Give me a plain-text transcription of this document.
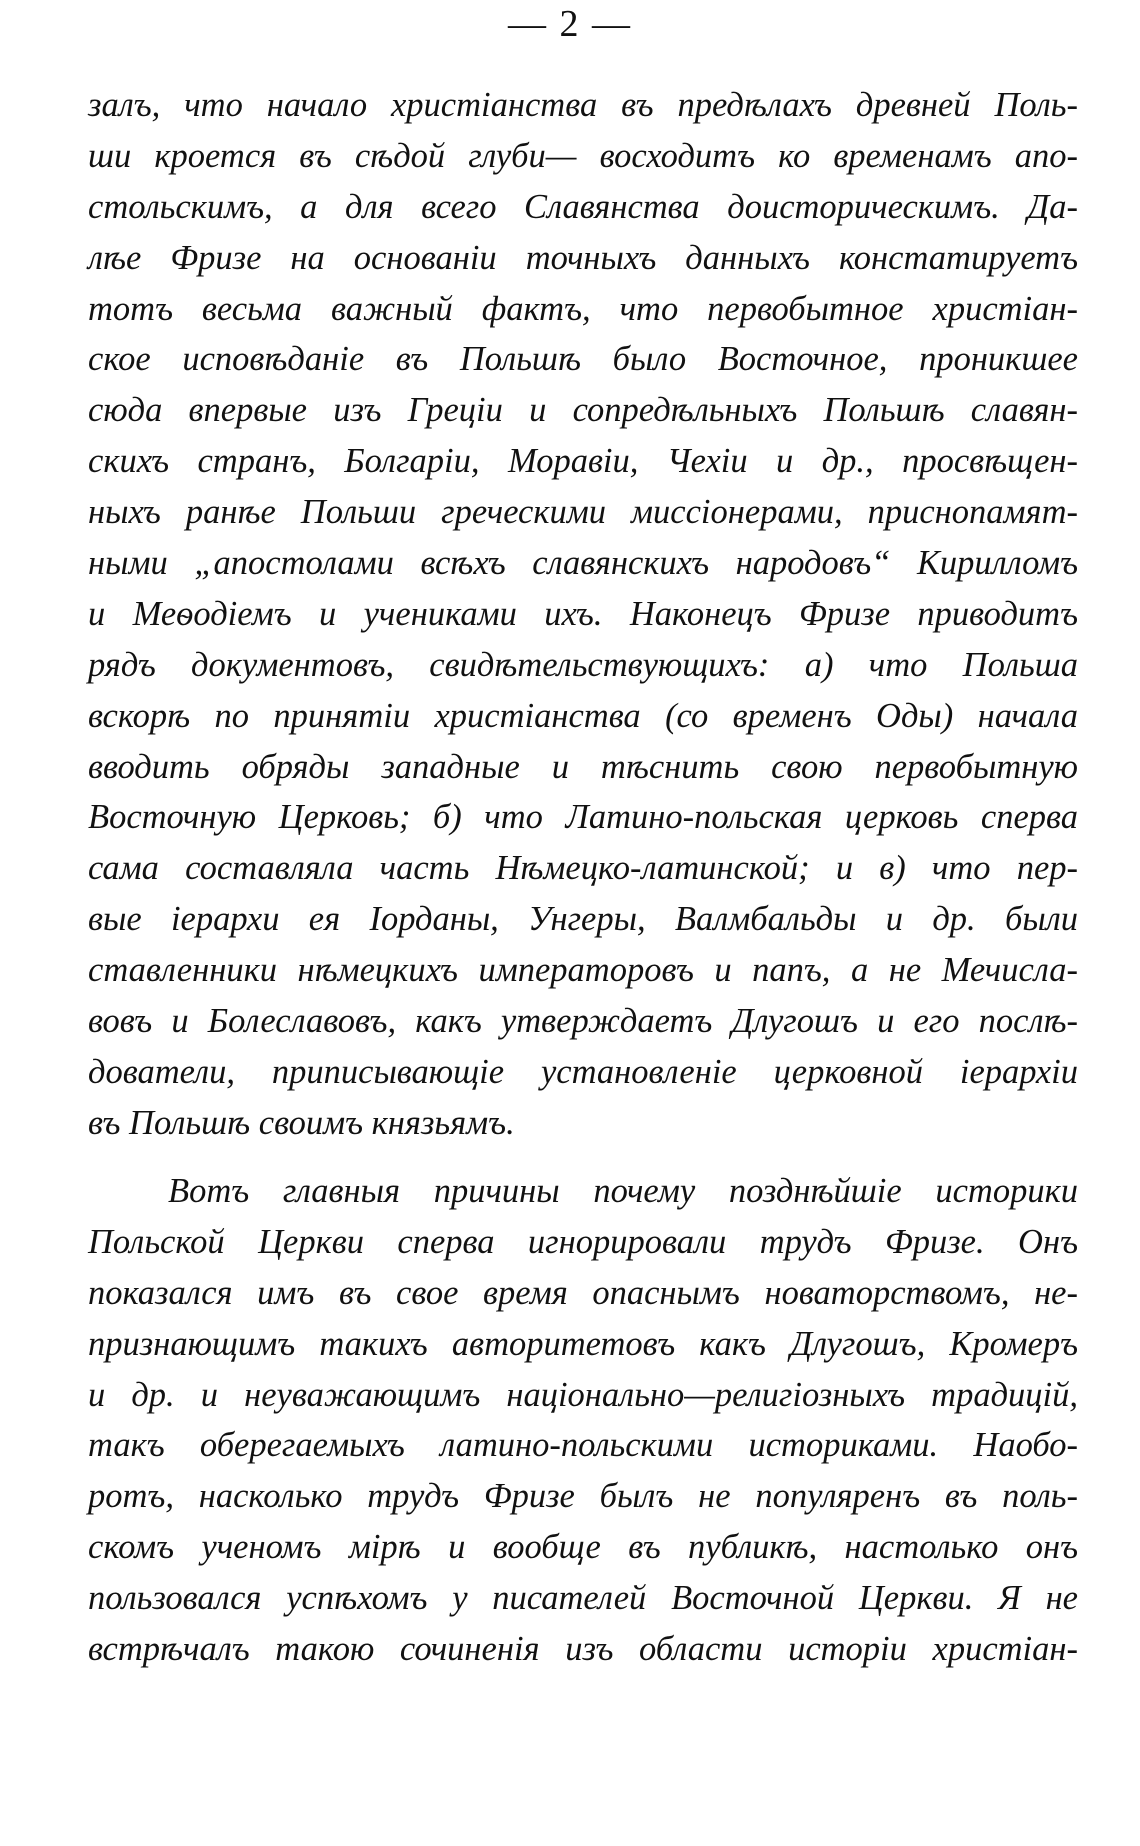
— 2 —
залъ, что начало христіанства въ предѣлахъ древней Поль-
ши кроется въ сѣдой глуби— восходитъ ко временамъ апо-
стольскимъ, а для всего Славянства доисторическимъ. Да-
лѣе Фризе на основаніи точныхъ данныхъ констатируетъ
тотъ весьма важный фактъ, что первобытное христіан-
ское исповѣданіе въ Польшѣ было Восточное, проникшее
сюда впервые изъ Греціи и сопредѣльныхъ Польшѣ славян-
скихъ странъ, Болгаріи, Моравіи, Чехіи и др., просвѣщен-
ныхъ ранѣе Польши греческими миссіонерами, приснопамят-
ными „апостолами всѣхъ славянскихъ народовъ“ Кирилломъ
и Меѳодіемъ и учениками ихъ. Наконецъ Фризе приводитъ
рядъ документовъ, свидѣтельствующихъ: а) что Польша
вскорѣ по принятіи христіанства (со временъ Оды) начала
вводить обряды западные и тѣснить свою первобытную
Восточную Церковь; б) что Латино-польская церковь сперва
сама составляла часть Нѣмецко-латинской; и в) что пер-
вые іерархи ея Іорданы, Унгеры, Валмбальды и др. были
ставленники нѣмецкихъ императоровъ и папъ, а не Мечисла-
вовъ и Болеславовъ, какъ утверждаетъ Длугошъ и его послѣ-
дователи, приписывающіе установленіе церковной іерархіи
въ Польшѣ своимъ князьямъ.
Вотъ главныя причины почему позднѣйшіе историки
Польской Церкви сперва игнорировали трудъ Фризе. Онъ
показался имъ въ свое время опаснымъ новаторствомъ, не-
признающимъ такихъ авторитетовъ какъ Длугошъ, Кромеръ
и др. и неуважающимъ національно—религіозныхъ традицій,
такъ оберегаемыхъ латино-польскими историками. Наобо-
ротъ, насколько трудъ Фризе былъ не популяренъ въ поль-
скомъ ученомъ мірѣ и вообще въ публикѣ, настолько онъ
пользовался успѣхомъ у писателей Восточной Церкви. Я не
встрѣчалъ такою сочиненія изъ области исторіи христіан-
